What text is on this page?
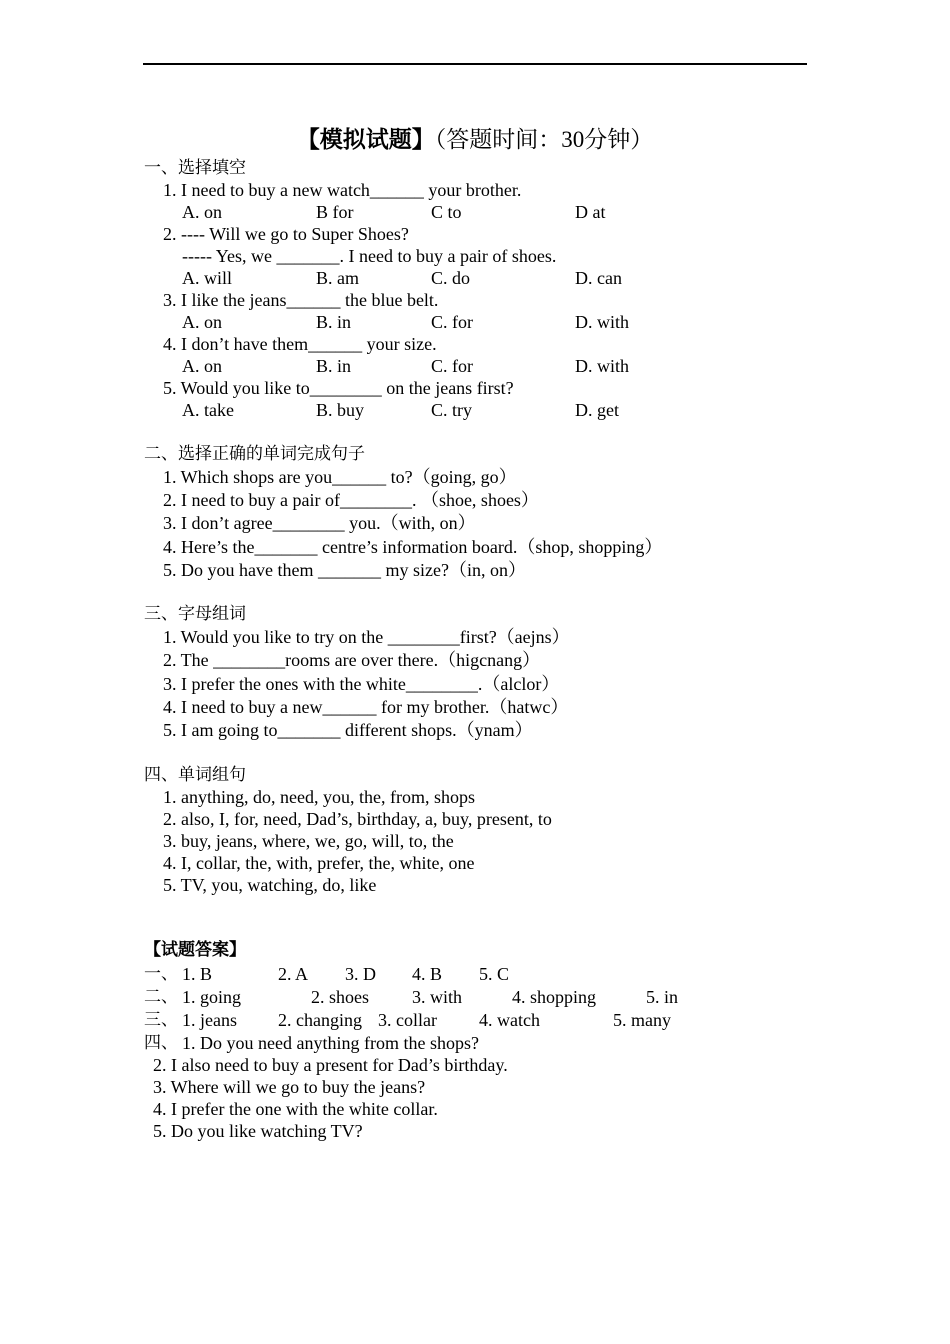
【模拟试题】（答题时间：30分钟）
一、选择填空
1. I need to buy a new watch______ your brother.
A. on	B for	C to	D at
2. ---- Will we go to Super Shoes?
----- Yes, we _______. I need to buy a pair of shoes.
A. will	B. am	C. do	D. can
3. I like the jeans______ the blue belt.
A. on	B. in	C. for	D. with
4. I don’t have them______ your size.
A. on	B. in	C. for	D. with
5. Would you like to________ on the jeans first?
A. take	B. buy	C. try	D. get
二、选择正确的单词完成句子
1. Which shops are you______ to?（going, go）
2. I need to buy a pair of________. （shoe, shoes）
3. I don’t agree________ you.（with, on）
4. Here’s the_______ centre’s information board.（shop, shopping）
5. Do you have them _______ my size?（in, on）
三、字母组词
1. Would you like to try on the ________first?（aejns）
2. The ________rooms are over there.（higcnang）
3. I prefer the ones with the white________.（alclor）
4. I need to buy a new______ for my brother.（hatwc）
5. I am going to_______ different shops.（ynam）
四、单词组句
1. anything, do, need, you, the, from, shops
2. also, I, for, need, Dad’s, birthday, a, buy, present, to
3. buy, jeans, where, we, go, will, to, the
4. I, collar, the, with, prefer, the, white, one
5. TV, you, watching, do, like
【试题答案】
一、 1. B	2. A 3. D 4. B 5. C
二、 1. going	2. shoes 3. with	4. shopping	5. in
三、 1. jeans 2. changing 3. collar 4. watch	5. many
四、 1. Do you need anything from the shops?
2. I also need to buy a present for Dad’s birthday.
3. Where will we go to buy the jeans?
4. I prefer the one with the white collar.
5. Do you like watching TV?
